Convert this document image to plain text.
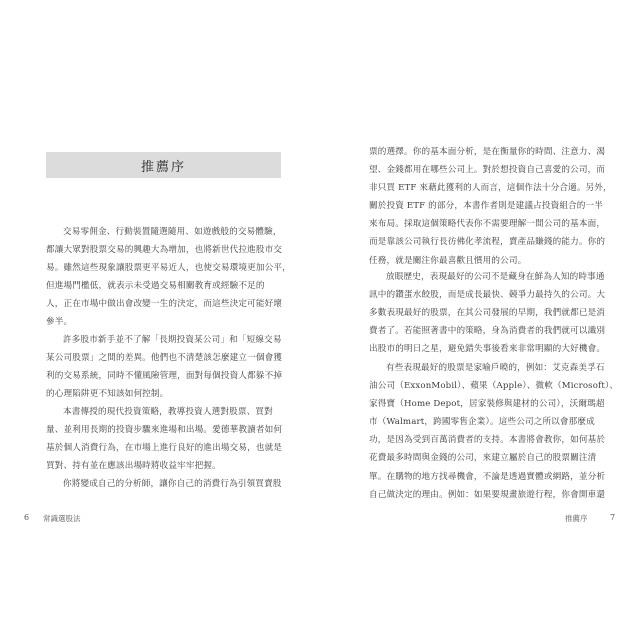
推薦序

交易零佣金、行動裝置隨選隨用、如遊戲般的交易體驗，
都讓大眾對股票交易的興趣大為增加，也將新世代拉進股市交
易。雖然這些現象讓股票更平易近人，也使交易環境更加公平，
但進場門檻低，就表示未受過交易相關教育或經驗不足的
人，正在市場中做出會改變一生的決定，而這些決定可能好壞
參半。

許多股市新手並不了解「長期投資某公司」和「短線交易
某公司股票」之間的差異。他們也不清楚該怎麼建立一個會獲
利的交易系統，同時不懂風險管理，面對每個投資人都躲不掉
的心理陷阱更不知該如何控制。

本書傳授的現代投資策略，教導投資人選對股票、買對
量、並利用長期的投資步驟來進場和出場。愛德華教讀者如何
基於個人消費行為，在市場上進行良好的進出場交易，也就是
買對、持有並在應該出場時將收益牢牢把握。

你將變成自己的分析師，讓你自己的消費行為引領買賣股

6 常識選股法

票的選擇。你的基本面分析，是在衡量你的時間、注意力、渴
望、金錢都用在哪些公司上。對於想投資自己喜愛的公司，而
非只買 ETF 來藉此獲利的人而言，這個作法十分合適。另外，
關於投資 ETF 的部分，本書作者則是建議占投資組合的一半
來布局。採取這個策略代表你不需要理解一間公司的基本面，
而是靠該公司執行長彷佛化孝流程，賣產品賺錢的能力。你的
任務，就是關注你最喜歡且慣用的公司。

放眼歷史，表現最好的公司不是藏身在鮮為人知的時事通
訊中的鑽蛋水餃股，而是成長最快、競爭力最持久的公司。大
多數表現最好的股票，在其公司發展的早期，我們就都已是消
費者了。若能照著書中的策略，身為消費者的我們就可以識別
出股市的明日之星，避免錯失事後看來非常明顯的大好機會。

有些表現最好的股票是家喻戶曉的，例如：艾克森美孚石
油公司（ExxonMobil）、蘋果（Apple）、微軟（Microsoft）、
家得寶（Home Depot，居家裝修與建材的公司），沃爾瑪超
市（Walmart，跨國零售企業）。這些公司之所以會那麼成
功，是因為受到百萬消費者的支持。本書將會教你，如何基於
花費最多時間與金錢的公司，來建立屬於自己的股票關注清
單。在購物的地方找尋機會，不論是透過實體或網路，並分析
自己做決定的理由。例如：如果要規畫旅遊行程，你會開車還

推薦序	7
